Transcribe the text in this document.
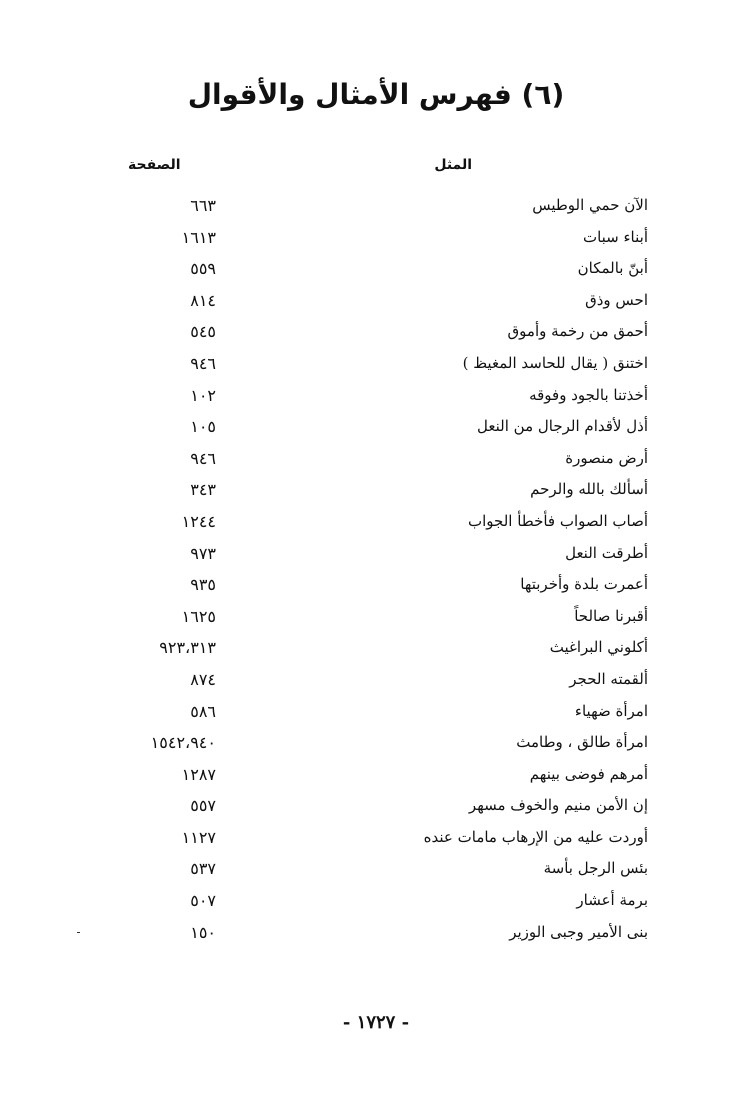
(٦) فهرس الأمثال والأقوال
المثل
الصفحة
الآن حمي الوطيس
٦٦٣
أبناء سبات
١٦١٣
أبنّ بالمكان
٥٥٩
احس وذق
٨١٤
أحمق من رخمة وأموق
٥٤٥
اختنق ( يقال للحاسد المغيظ )
٩٤٦
أخذتنا بالجود وفوقه
١٠٢
أذل لأقدام الرجال من النعل
١٠٥
أرض منصورة
٩٤٦
أسألك بالله والرحم
٣٤٣
أصاب الصواب فأخطأ الجواب
١٢٤٤
أطرقت النعل
٩٧٣
أعمرت بلدة وأخربتها
٩٣٥
أقبرنا صالحاً
١٦٢٥
أكلوني البراغيث
٩٢٣،٣١٣
ألقمته الحجر
٨٧٤
امرأة ضهياء
٥٨٦
امرأة طالق ، وطامث
١٥٤٢،٩٤٠
أمرهم فوضى بينهم
١٢٨٧
إن الأمن منيم والخوف مسهر
٥٥٧
أوردت عليه من الإرهاب مامات عنده
١١٢٧
بئس الرجل بأسة
٥٣٧
برمة أعشار
٥٠٧
بنى الأمير وجبى الوزير
١٥٠
- ١٧٢٧ -
